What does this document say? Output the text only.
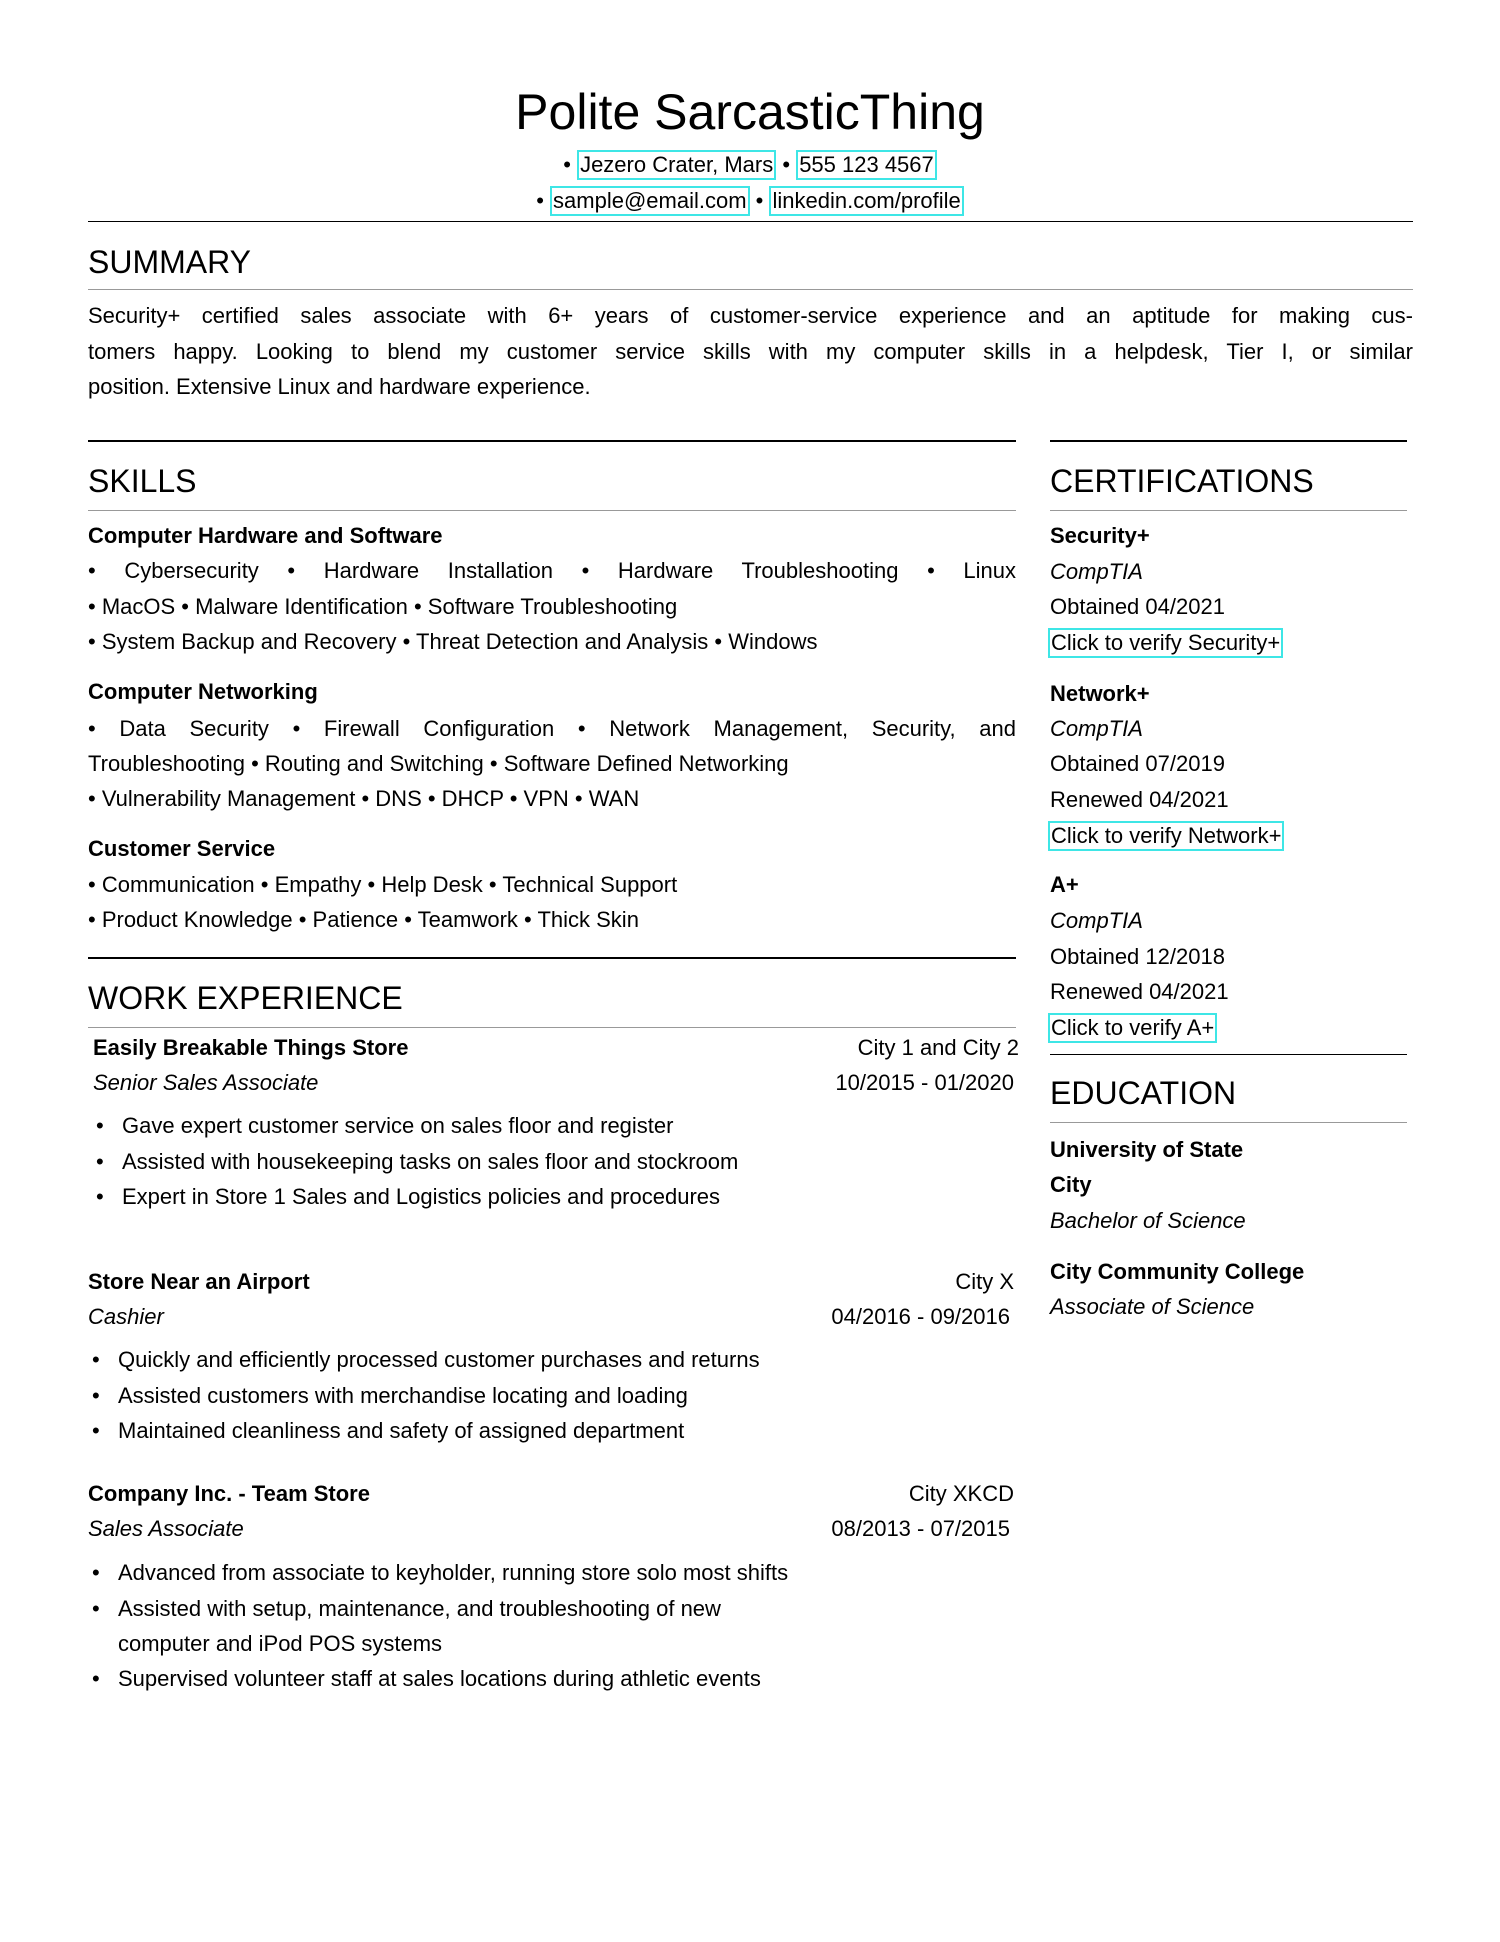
Polite SarcasticThing
• Jezero Crater, Mars • 555 123 4567
• sample@email.com • linkedin.com/profile
SUMMARY
Security+ certified sales associate with 6+ years of customer-service experience and an aptitude for making cus-
tomers happy. Looking to blend my customer service skills with my computer skills in a helpdesk, Tier I, or similar
position. Extensive Linux and hardware experience.
SKILLS
Computer Hardware and Software
• Cybersecurity • Hardware Installation • Hardware Troubleshooting • Linux
• MacOS • Malware Identification • Software Troubleshooting
• System Backup and Recovery • Threat Detection and Analysis • Windows
Computer Networking
• Data Security • Firewall Configuration • Network Management, Security, and
Troubleshooting • Routing and Switching • Software Defined Networking
• Vulnerability Management • DNS • DHCP • VPN • WAN
Customer Service
• Communication • Empathy • Help Desk • Technical Support
• Product Knowledge • Patience • Teamwork • Thick Skin
WORK EXPERIENCE
Easily Breakable Things Store	City 1 and City 2
Senior Sales Associate	10/2015 - 01/2020
• Gave expert customer service on sales floor and register
• Assisted with housekeeping tasks on sales floor and stockroom
• Expert in Store 1 Sales and Logistics policies and procedures
Store Near an Airport	City X
Cashier	04/2016 - 09/2016
• Quickly and efficiently processed customer purchases and returns
• Assisted customers with merchandise locating and loading
• Maintained cleanliness and safety of assigned department
Company Inc. - Team Store	City XKCD
Sales Associate	08/2013 - 07/2015
• Advanced from associate to keyholder, running store solo most shifts
• Assisted with setup, maintenance, and troubleshooting of new
computer and iPod POS systems
• Supervised volunteer staff at sales locations during athletic events
CERTIFICATIONS
Security+
CompTIA
Obtained 04/2021
Click to verify Security+
Network+
CompTIA
Obtained 07/2019
Renewed 04/2021
Click to verify Network+
A+
CompTIA
Obtained 12/2018
Renewed 04/2021
Click to verify A+
EDUCATION
University of State
City
Bachelor of Science
City Community College
Associate of Science
